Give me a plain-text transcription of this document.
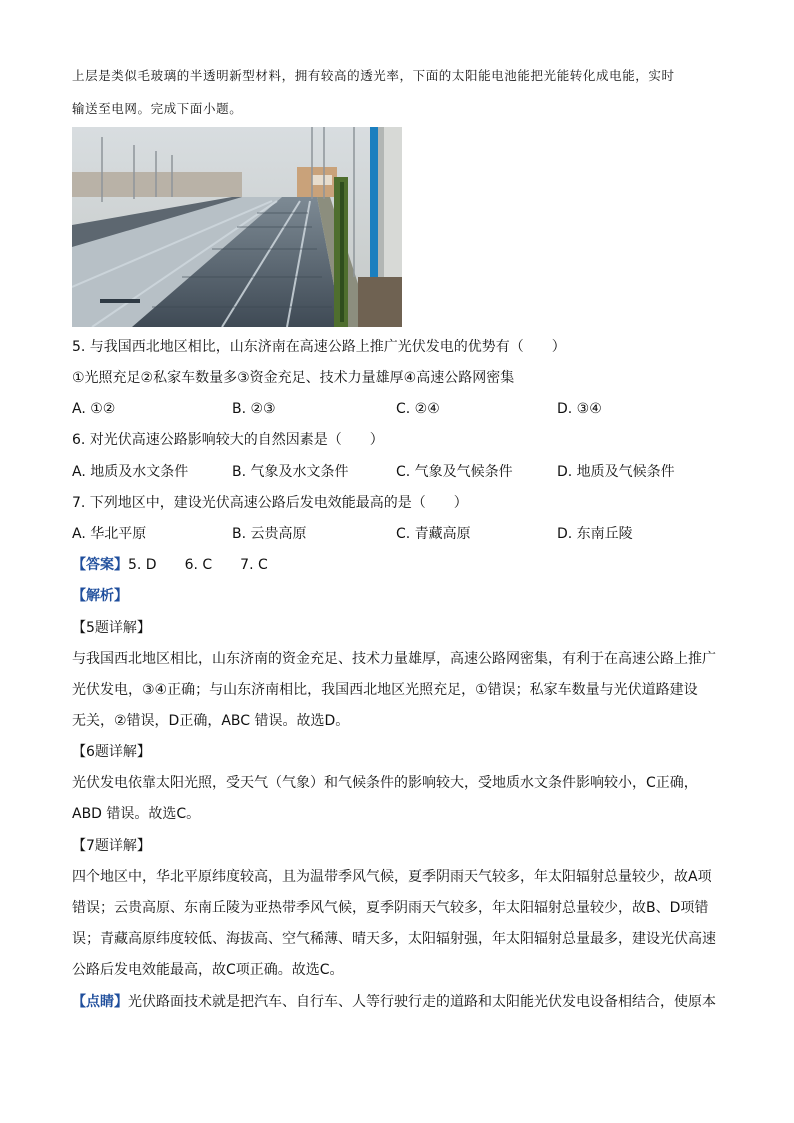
上层是类似毛玻璃的半透明新型材料，拥有较高的透光率，下面的太阳能电池能把光能转化成电能，实时
输送至电网。完成下面小题。
5. 与我国西北地区相比，山东济南在高速公路上推广光伏发电的优势有（　　）
①光照充足②私家车数量多③资金充足、技术力量雄厚④高速公路网密集
A. ①②	B. ②③	C. ②④	D. ③④
6. 对光伏高速公路影响较大的自然因素是（　　）
A. 地质及水文条件	B. 气象及水文条件	C. 气象及气候条件	D. 地质及气候条件
7. 下列地区中，建设光伏高速公路后发电效能最高的是（　　）
A. 华北平原	B. 云贵高原	C. 青藏高原	D. 东南丘陵
【答案】5. D　　6. C　　7. C
【解析】
【5题详解】
与我国西北地区相比，山东济南的资金充足、技术力量雄厚，高速公路网密集，有利于在高速公路上推广
光伏发电，③④正确；与山东济南相比，我国西北地区光照充足，①错误；私家车数量与光伏道路建设
无关，②错误，D正确，ABC 错误。故选D。
【6题详解】
光伏发电依靠太阳光照，受天气（气象）和气候条件的影响较大，受地质水文条件影响较小，C正确，
ABD 错误。故选C。
【7题详解】
四个地区中，华北平原纬度较高，且为温带季风气候，夏季阴雨天气较多，年太阳辐射总量较少，故A项
错误；云贵高原、东南丘陵为亚热带季风气候，夏季阴雨天气较多，年太阳辐射总量较少，故B、D项错
误；青藏高原纬度较低、海拔高、空气稀薄、晴天多，太阳辐射强，年太阳辐射总量最多，建设光伏高速
公路后发电效能最高，故C项正确。故选C。
【点睛】光伏路面技术就是把汽车、自行车、人等行驶行走的道路和太阳能光伏发电设备相结合，使原本
